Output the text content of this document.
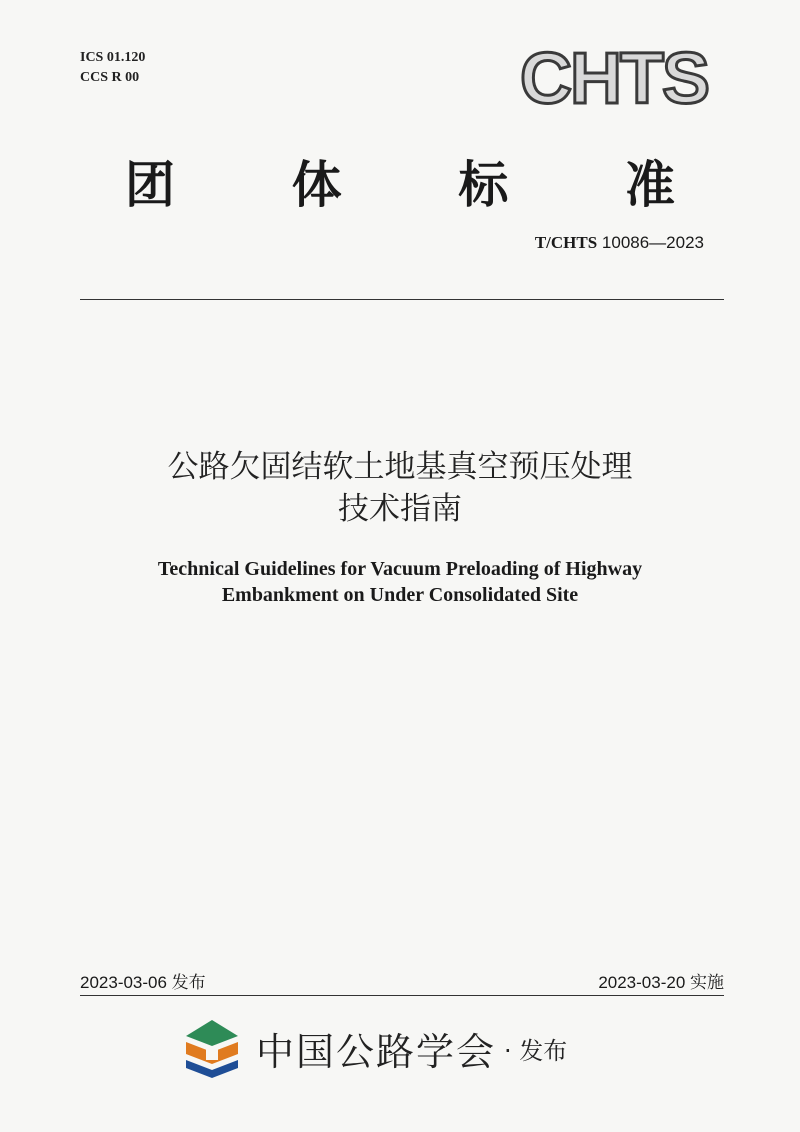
ICS 01.120
CCS R 00	CHTS
团 体 标 准
T/CHTS 10086—2023
公路欠固结软土地基真空预压处理
技术指南
Technical Guidelines for Vacuum Preloading of Highway
Embankment on Under Consolidated Site
2023-03-06 发布	2023-03-20 实施
中国公路学会 · 发布
